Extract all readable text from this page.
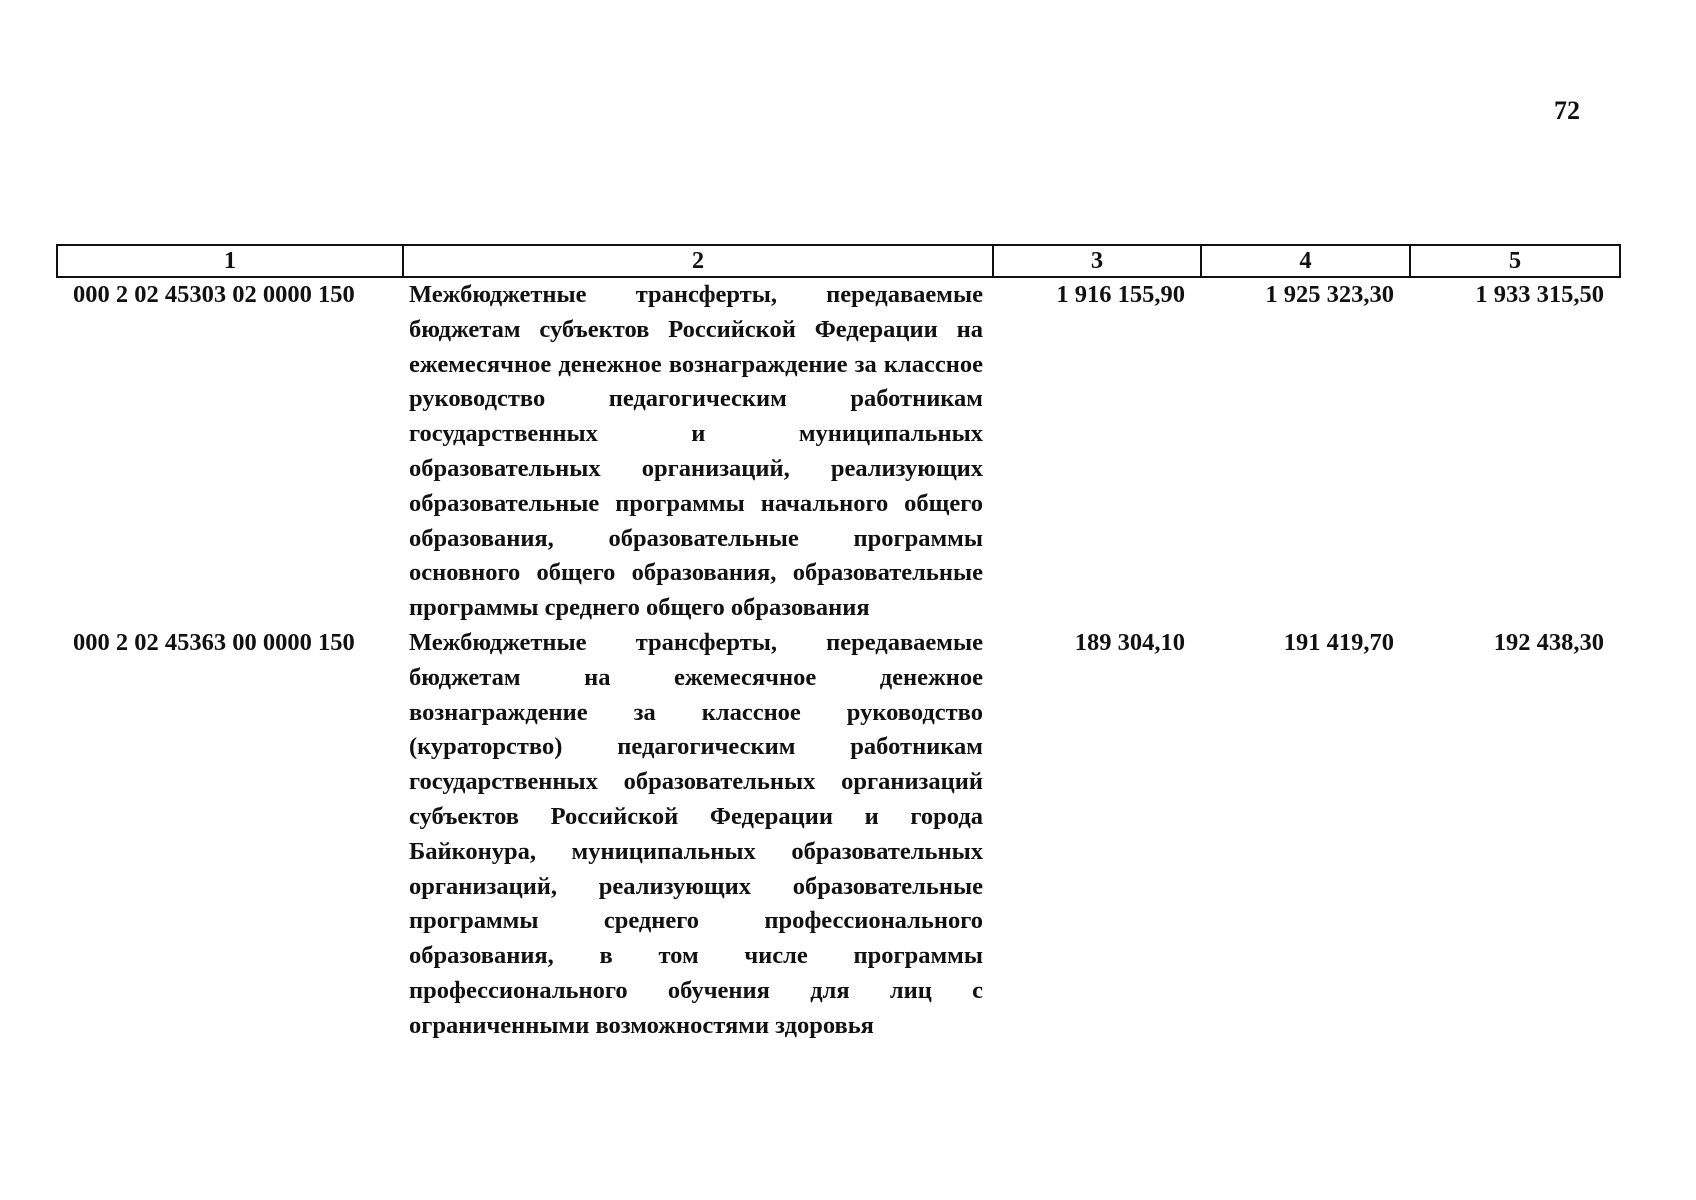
72
1	2	3	4	5
000 2 02 45303 02 0000 150	Межбюджетные трансферты, передаваемые бюджетам субъектов Российской Федерации на ежемесячное денежное вознаграждение за классное руководство педагогическим работникам государственных и муниципальных образовательных организаций, реализующих образовательные программы начального общего образования, образовательные программы основного общего образования, образовательные программы среднего общего образования	1 916 155,90	1 925 323,30	1 933 315,50
000 2 02 45363 00 0000 150	Межбюджетные трансферты, передаваемые бюджетам на ежемесячное денежное вознаграждение за классное руководство (кураторство) педагогическим работникам государственных образовательных организаций субъектов Российской Федерации и города Байконура, муниципальных образовательных организаций, реализующих образовательные программы среднего профессионального образования, в том числе программы профессионального обучения для лиц с ограниченными возможностями здоровья	189 304,10	191 419,70	192 438,30
